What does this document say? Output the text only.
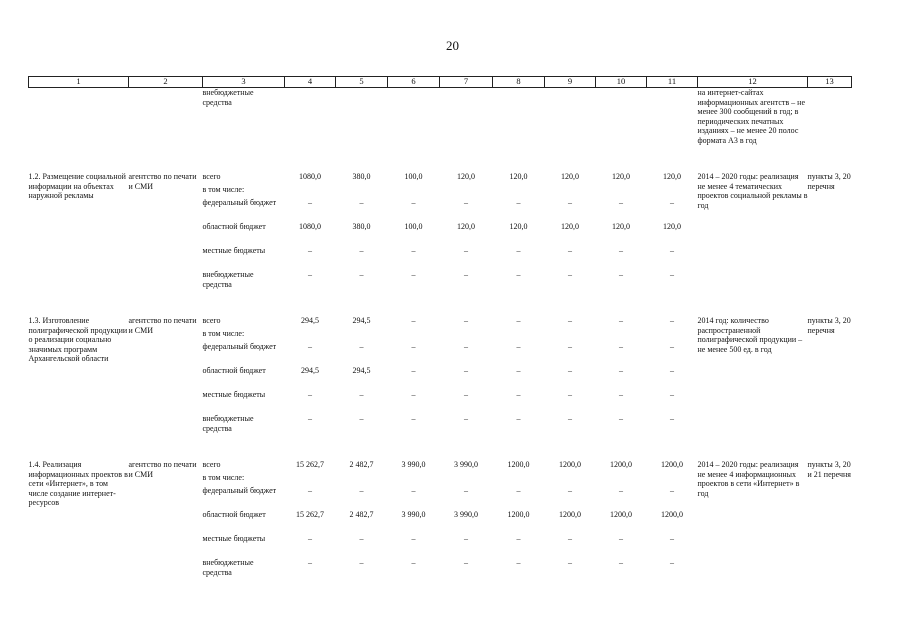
20
1	2	3	4	5	6	7	8	9	10	11	12	13
		внебюджетные средства									на интернет-сайтах информационных агентств – не менее 300 сообщений в год; в периодических печатных изданиях – не менее 20 полос формата А3 в год	

1.2. Размещение социальной информации на объектах наружной рекламы	агентство по печати и СМИ	всего	1080,0	380,0	100,0	120,0	120,0	120,0	120,0	120,0	2014 – 2020 годы: реализация не менее 4 тематических проектов социальной рекламы в год	пункты 3, 20 перечня
		в том числе:										
		федеральный бюджет	–	–	–	–	–	–	–	–		
		областной бюджет	1080,0	380,0	100,0	120,0	120,0	120,0	120,0	120,0		
		местные бюджеты	–	–	–	–	–	–	–	–		
		внебюджетные средства	–	–	–	–	–	–	–	–		

1.3. Изготовление полиграфической продукции о реализации социально значимых программ Архангельской области	агентство по печати и СМИ	всего	294,5	294,5	–	–	–	–	–	–	2014 год: количество распространенной полиграфической продукции – не менее 500 ед. в год	пункты 3, 20 перечня
		в том числе:										
		федеральный бюджет	–	–	–	–	–	–	–	–		
		областной бюджет	294,5	294,5	–	–	–	–	–	–		
		местные бюджеты	–	–	–	–	–	–	–	–		
		внебюджетные средства	–	–	–	–	–	–	–	–		

1.4. Реализация информационных проектов в сети «Интернет», в том числе создание интернет-ресурсов	агентство по печати и СМИ	всего	15 262,7	2 482,7	3 990,0	3 990,0	1200,0	1200,0	1200,0	1200,0	2014 – 2020 годы: реализация не менее 4 информационных проектов в сети «Интернет» в год	пункты 3, 20 и 21 перечня
		в том числе:										
		федеральный бюджет	–	–	–	–	–	–	–	–		
		областной бюджет	15 262,7	2 482,7	3 990,0	3 990,0	1200,0	1200,0	1200,0	1200,0		
		местные бюджеты	–	–	–	–	–	–	–	–		
		внебюджетные средства	–	–	–	–	–	–	–	–		
